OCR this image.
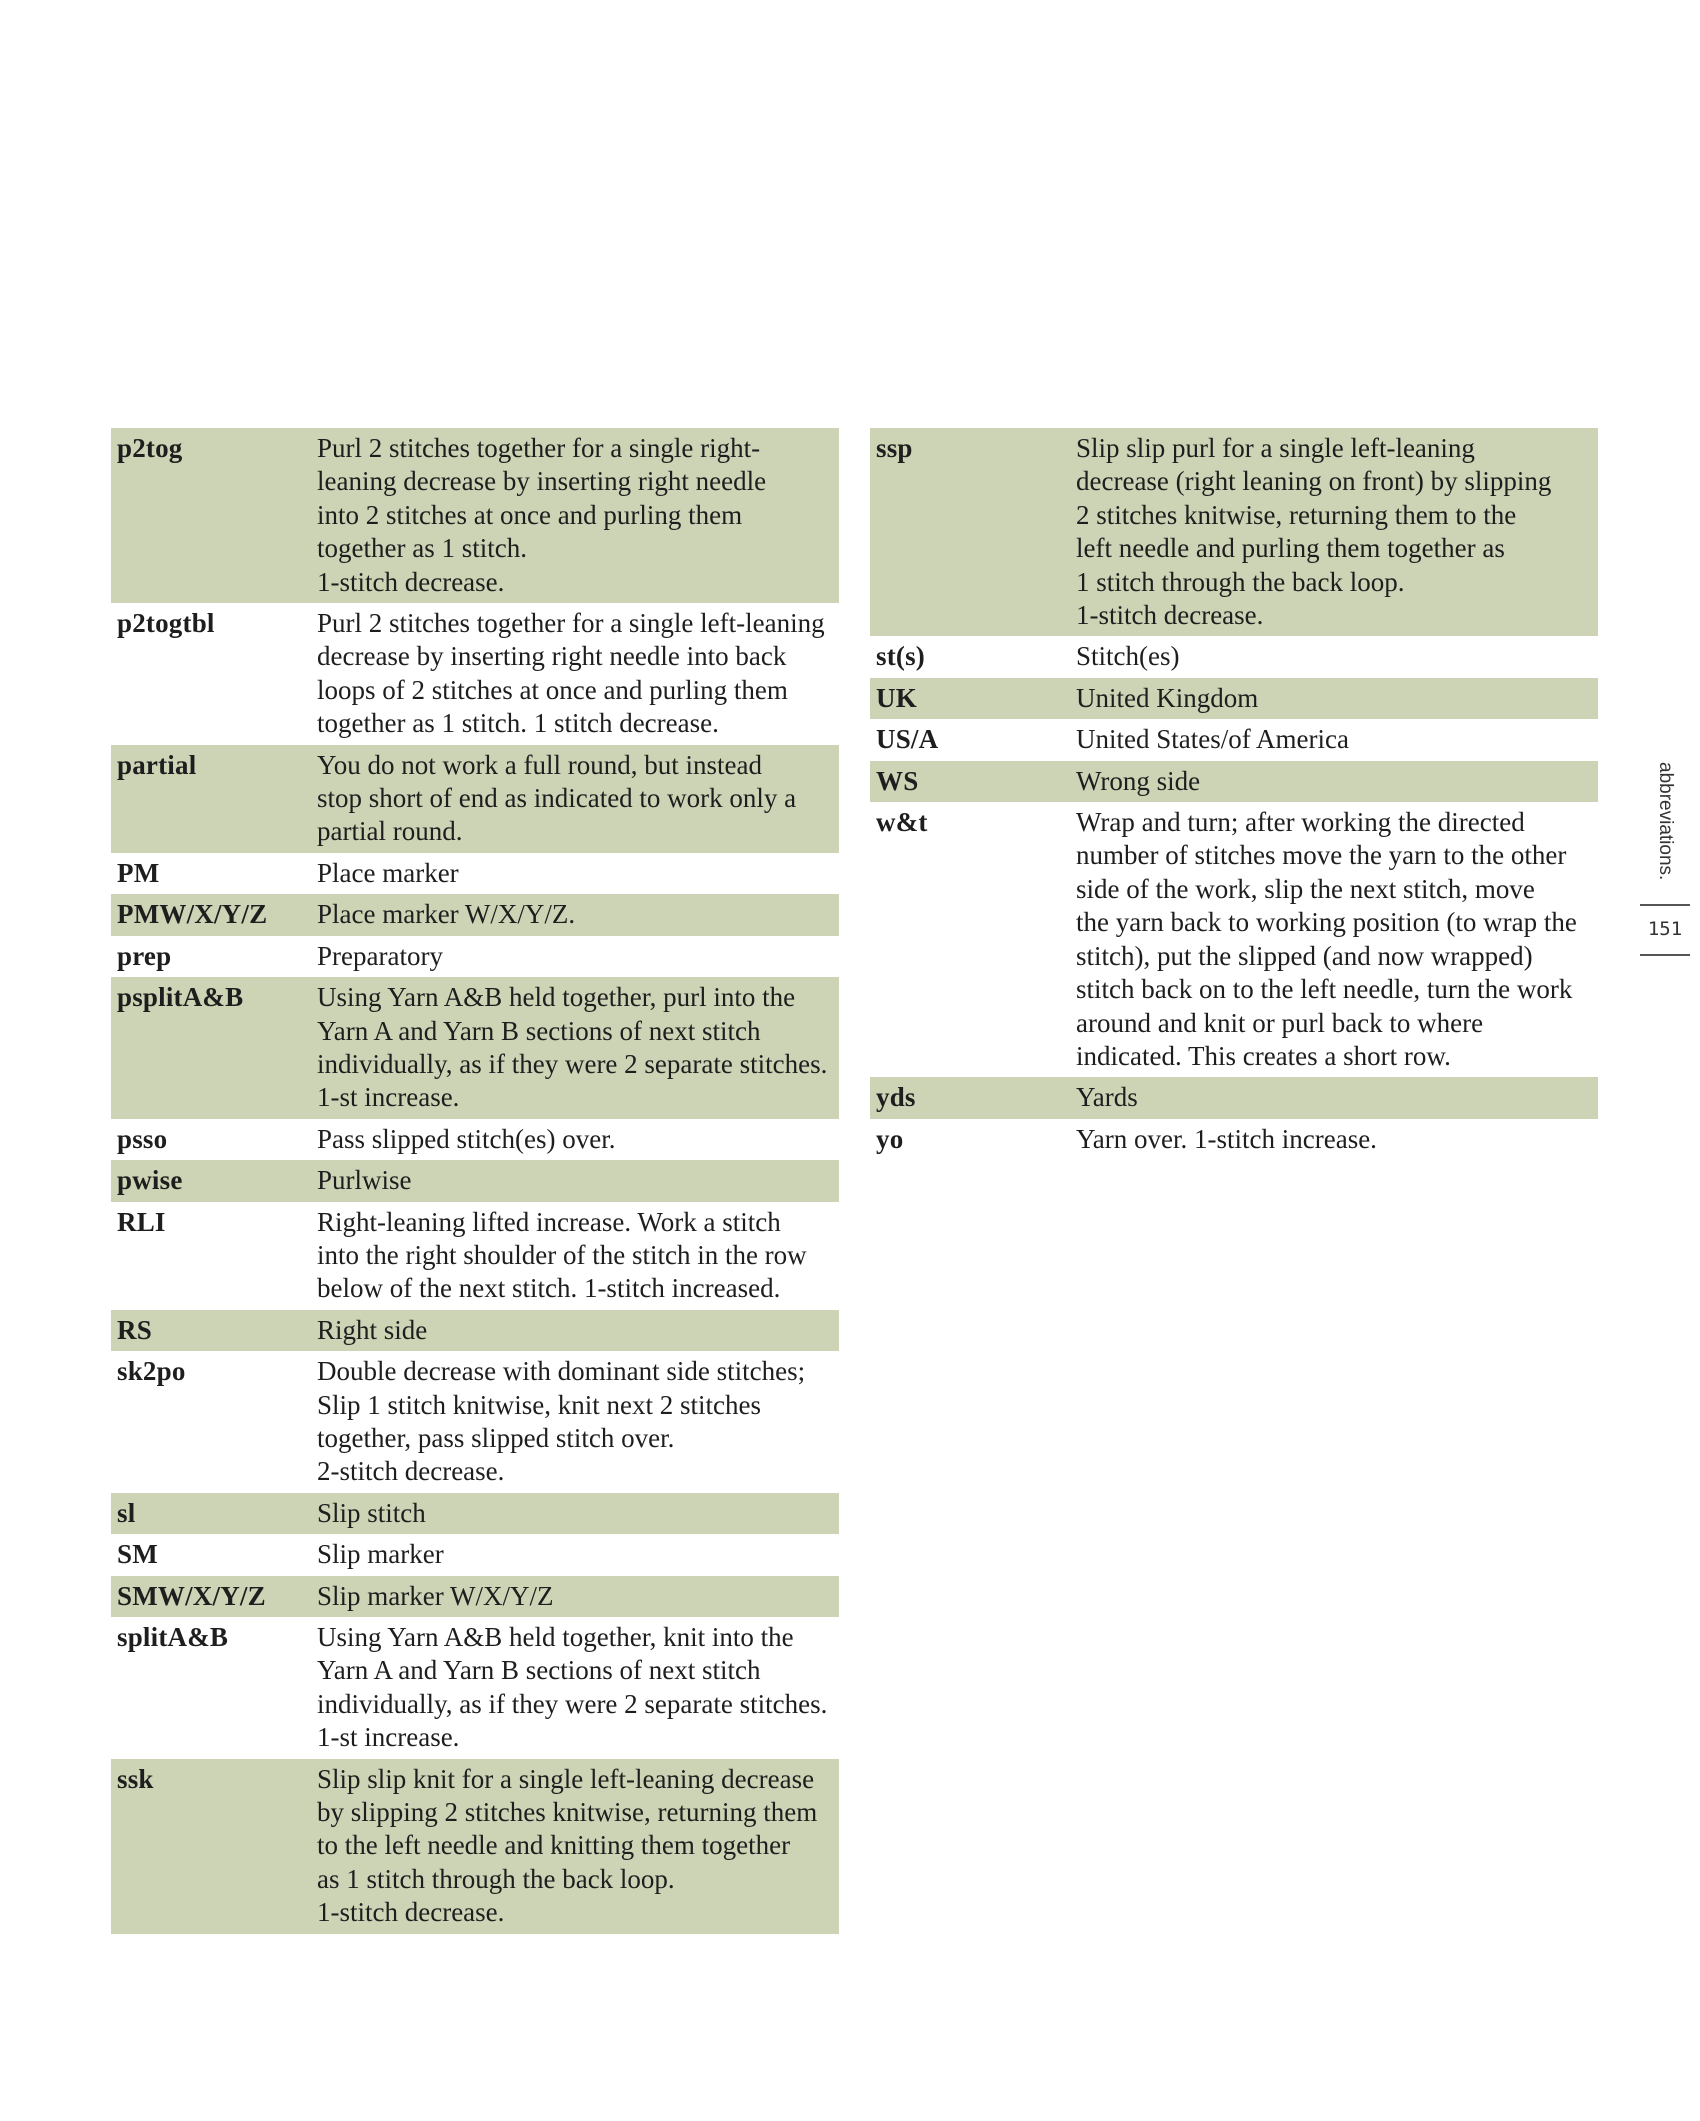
p2tog	Purl 2 stitches together for a single right-
leaning decrease by inserting right needle
into 2 stitches at once and purling them
together as 1 stitch.
1-stitch decrease.
p2togtbl	Purl 2 stitches together for a single left-leaning
decrease by inserting right needle into back
loops of 2 stitches at once and purling them
together as 1 stitch. 1 stitch decrease.
partial	You do not work a full round, but instead
stop short of end as indicated to work only a
partial round.
PM	Place marker
PMW/X/Y/Z	Place marker W/X/Y/Z.
prep	Preparatory
psplitA&B	Using Yarn A&B held together, purl into the
Yarn A and Yarn B sections of next stitch
individually, as if they were 2 separate stitches.
1-st increase.
psso	Pass slipped stitch(es) over.
pwise	Purlwise
RLI	Right-leaning lifted increase. Work a stitch
into the right shoulder of the stitch in the row
below of the next stitch. 1-stitch increased.
RS	Right side
sk2po	Double decrease with dominant side stitches;
Slip 1 stitch knitwise, knit next 2 stitches
together, pass slipped stitch over.
2-stitch decrease.
sl	Slip stitch
SM	Slip marker
SMW/X/Y/Z	Slip marker W/X/Y/Z
splitA&B	Using Yarn A&B held together, knit into the
Yarn A and Yarn B sections of next stitch
individually, as if they were 2 separate stitches.
1-st increase.
ssk	Slip slip knit for a single left-leaning decrease
by slipping 2 stitches knitwise, returning them
to the left needle and knitting them together
as 1 stitch through the back loop.
1-stitch decrease.
ssp	Slip slip purl for a single left-leaning
decrease (right leaning on front) by slipping
2 stitches knitwise, returning them to the
left needle and purling them together as
1 stitch through the back loop.
1-stitch decrease.
st(s)	Stitch(es)
UK	United Kingdom
US/A	United States/of America
WS	Wrong side
w&t	Wrap and turn; after working the directed
number of stitches move the yarn to the other
side of the work, slip the next stitch, move
the yarn back to working position (to wrap the
stitch), put the slipped (and now wrapped)
stitch back on to the left needle, turn the work
around and knit or purl back to where
indicated. This creates a short row.
yds	Yards
yo	Yarn over. 1-stitch increase.
abbreviations.
151
